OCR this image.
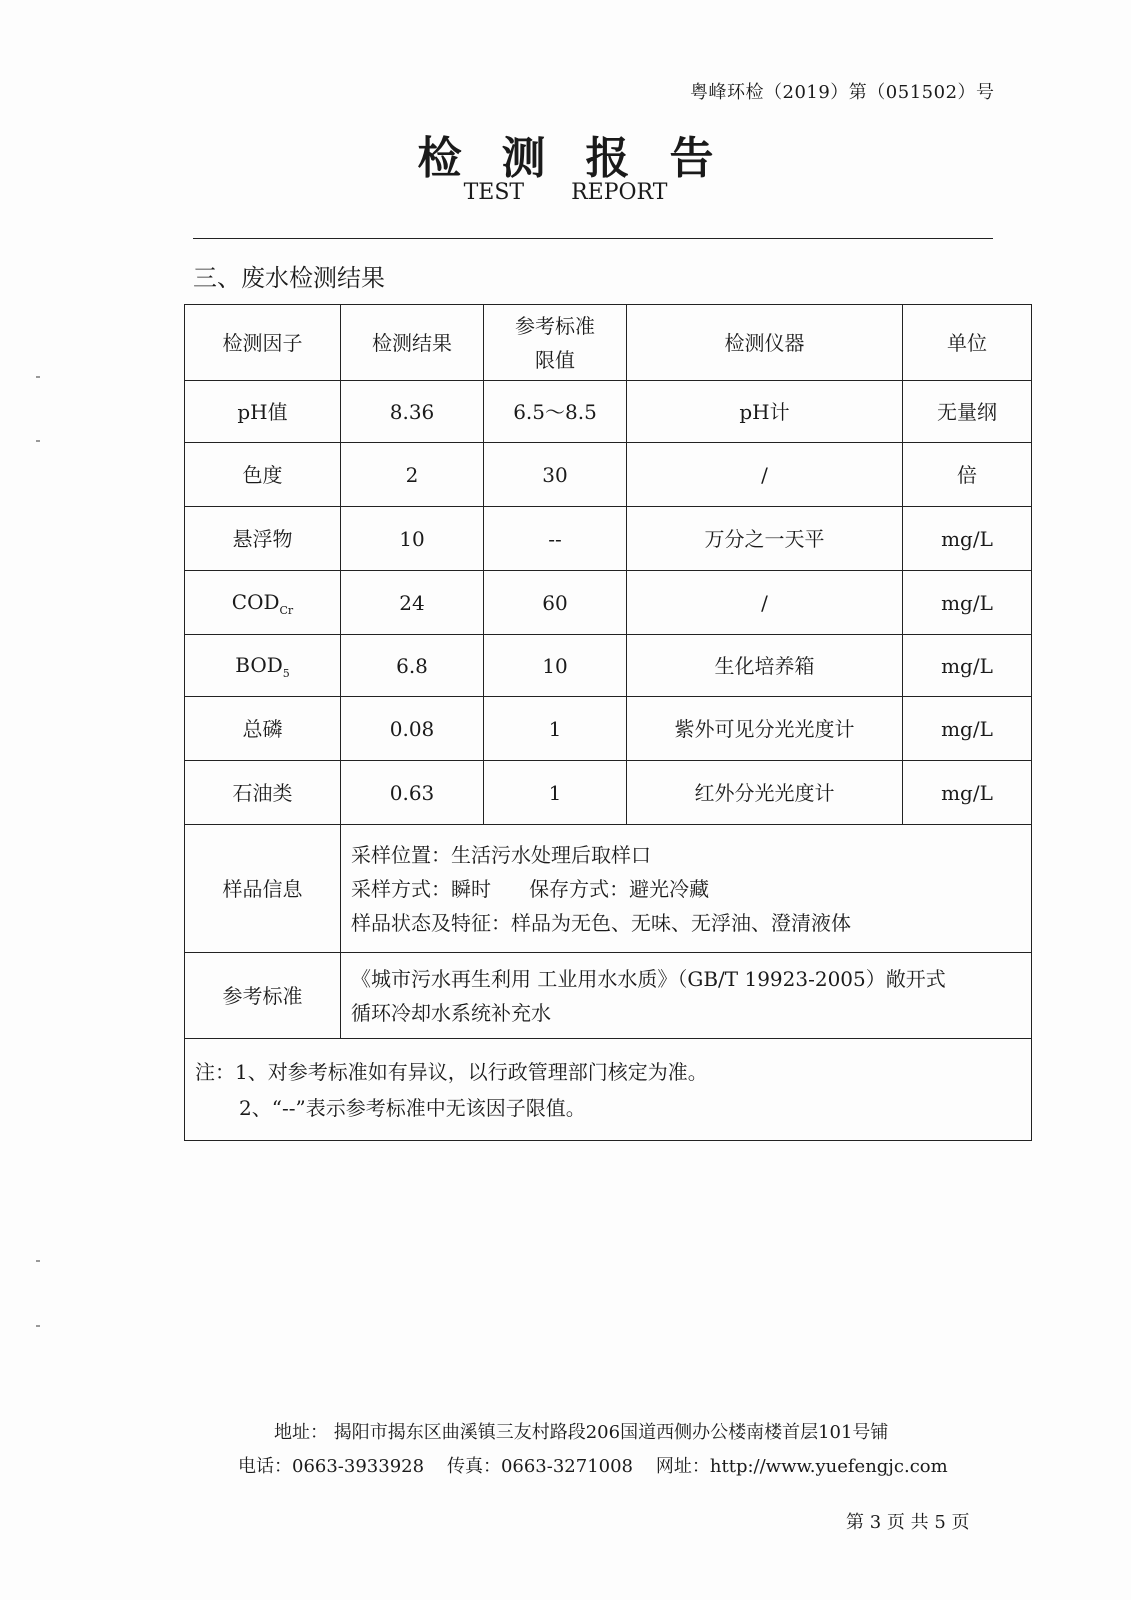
粤峰环检（2019）第（051502）号
检测报告
TEST REPORT
三、废水检测结果
检测因子	检测结果	参考标准限值	检测仪器	单位
pH值	8.36	6.5～8.5	pH计	无量纲
色度	2	30	/	倍
悬浮物	10	--	万分之一天平	mg/L
$COD_{Cr}$	24	60	/	mg/L
$BOD_5$	6.8	10	生化培养箱	mg/L
总磷	0.08	1	紫外可见分光光度计	mg/L
石油类	0.63	1	红外分光光度计	mg/L
样品信息	采样位置：生活污水处理后取样口
采样方式：瞬时      保存方式：避光冷藏
样品状态及特征：样品为无色、无味、无浮油、澄清液体			

参考标准	《城市污水再生利用 工业用水水质》（GB/T 19923-2005）敞开式
循环冷却水系统补充水			

注：1、对参考标准如有异议，以行政管理部门核定为准。
2、“--”表示参考标准中无该因子限值。				
地址： 揭阳市揭东区曲溪镇三友村路段206国道西侧办公楼南楼首层101号铺
电话：0663-3933928    传真：0663-3271008    网址：http://www.yuefengjc.com
第 3 页 共 5 页
